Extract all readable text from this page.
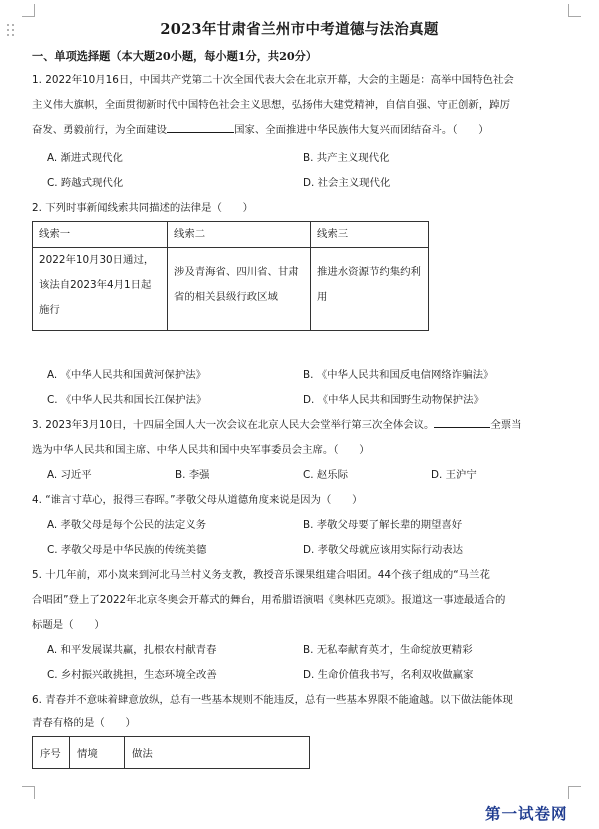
2023年甘肃省兰州市中考道德与法治真题
一、单项选择题（本大题20小题，每小题1分，共20分）
1. 2022年10月16日，中国共产党第二十次全国代表大会在北京开幕，大会的主题是：高举中国特色社会
主义伟大旗帜，全面贯彻新时代中国特色社会主义思想，弘扬伟大建党精神，自信自强、守正创新，踔厉
奋发、勇毅前行，为全面建设	国家、全面推进中华民族伟大复兴而团结奋斗。（　　）
A. 渐进式现代化	B. 共产主义现代化
C. 跨越式现代化	D. 社会主义现代化
2. 下列时事新闻线索共同描述的法律是（　　）
线索一	线索二	线索三
2022年10月30日通过，该法自2023年4月1日起施行	涉及青海省、四川省、甘肃省的相关县级行政区域	推进水资源节约集约利用
A. 《中华人民共和国黄河保护法》	B. 《中华人民共和国反电信网络诈骗法》
C. 《中华人民共和国长江保护法》	D. 《中华人民共和国野生动物保护法》
3. 2023年3月10日，十四届全国人大一次会议在北京人民大会堂举行第三次全体会议。	全票当
选为中华人民共和国主席、中华人民共和国中央军事委员会主席。（　　）
A. 习近平	B. 李强	C. 赵乐际	D. 王沪宁
4. “谁言寸草心，报得三春晖。”孝敬父母从道德角度来说是因为（　　）
A. 孝敬父母是每个公民的法定义务	B. 孝敬父母要了解长辈的期望喜好
C. 孝敬父母是中华民族的传统美德	D. 孝敬父母就应该用实际行动表达
5. 十几年前，邓小岚来到河北马兰村义务支教，教授音乐课果组建合唱团。44个孩子组成的“马兰花
合唱团”登上了2022年北京冬奥会开幕式的舞台，用希腊语演唱《奥林匹克颂》。报道这一事迹最适合的
标题是（　　）
A. 和平发展谋共赢，扎根农村献青春	B. 无私奉献育英才，生命绽放更精彩
C. 乡村振兴敢挑担，生态环境全改善	D. 生命价值我书写，名利双收做赢家
6. 青春并不意味着肆意放纵，总有一些基本规则不能违反，总有一些基本界限不能逾越。以下做法能体现
青春有格的是（　　）
序号	情境	做法
第一试卷网
